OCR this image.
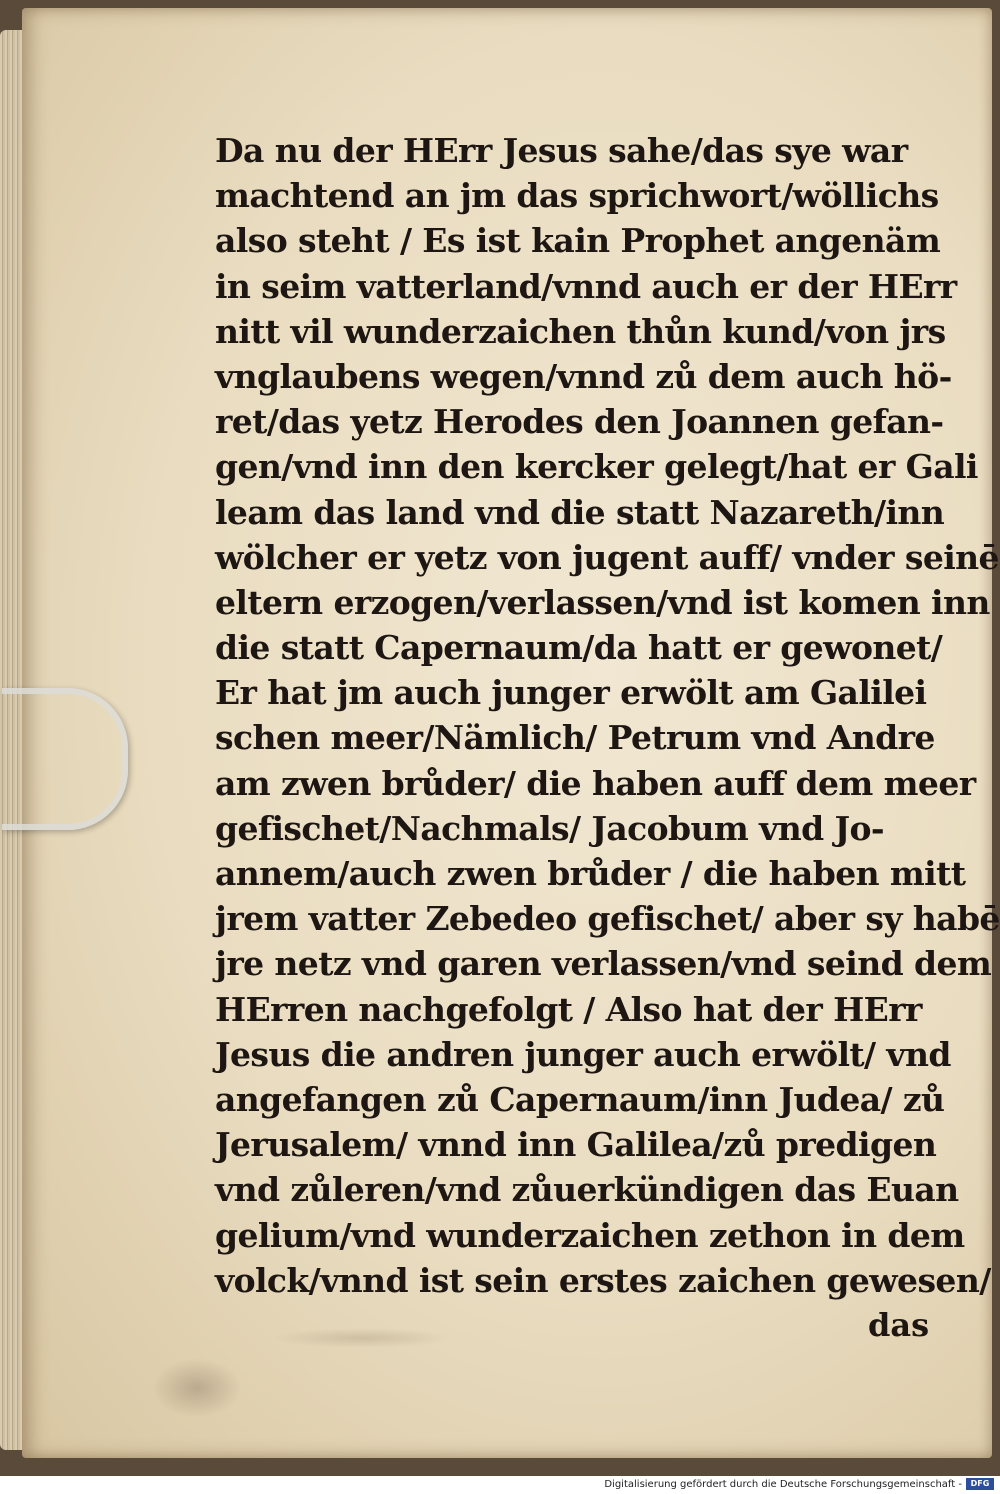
Da nu der HErr Jesus sahe/das sye war
machtend an jm das sprichwort/wöllichs
also steht / Es ist kain Prophet angenäm
in seim vatterland/vnnd auch er der HErr
nitt vil wunderzaichen thůn kund/von jrs
vnglaubens wegen/vnnd zů dem auch hö-
ret/das yetz Herodes den Joannen gefan-
gen/vnd inn den kercker gelegt/hat er Gali
leam das land vnd die statt Nazareth/inn
wölcher er yetz von jugent auff/ vnder seinē
eltern erzogen/verlassen/vnd ist komen inn
die statt Capernaum/da hatt er gewonet/
Er hat jm auch junger erwölt am Galilei
schen meer/Nämlich/ Petrum vnd Andre
am zwen brůder/ die haben auff dem meer
gefischet/Nachmals/ Jacobum vnd Jo-
annem/auch zwen brůder / die haben mitt
jrem vatter Zebedeo gefischet/ aber sy habē
jre netz vnd garen verlassen/vnd seind dem
HErren nachgefolgt / Also hat der HErr
Jesus die andren junger auch erwölt/ vnd
angefangen zů Capernaum/inn Judea/ zů
Jerusalem/ vnnd inn Galilea/zů predigen
vnd zůleren/vnd zůuerkündigen das Euan
gelium/vnd wunderzaichen zethon in dem
volck/vnnd ist sein erstes zaichen gewesen/
das
Digitalisierung gefördert durch die Deutsche Forschungsgemeinschaft -	DFG
